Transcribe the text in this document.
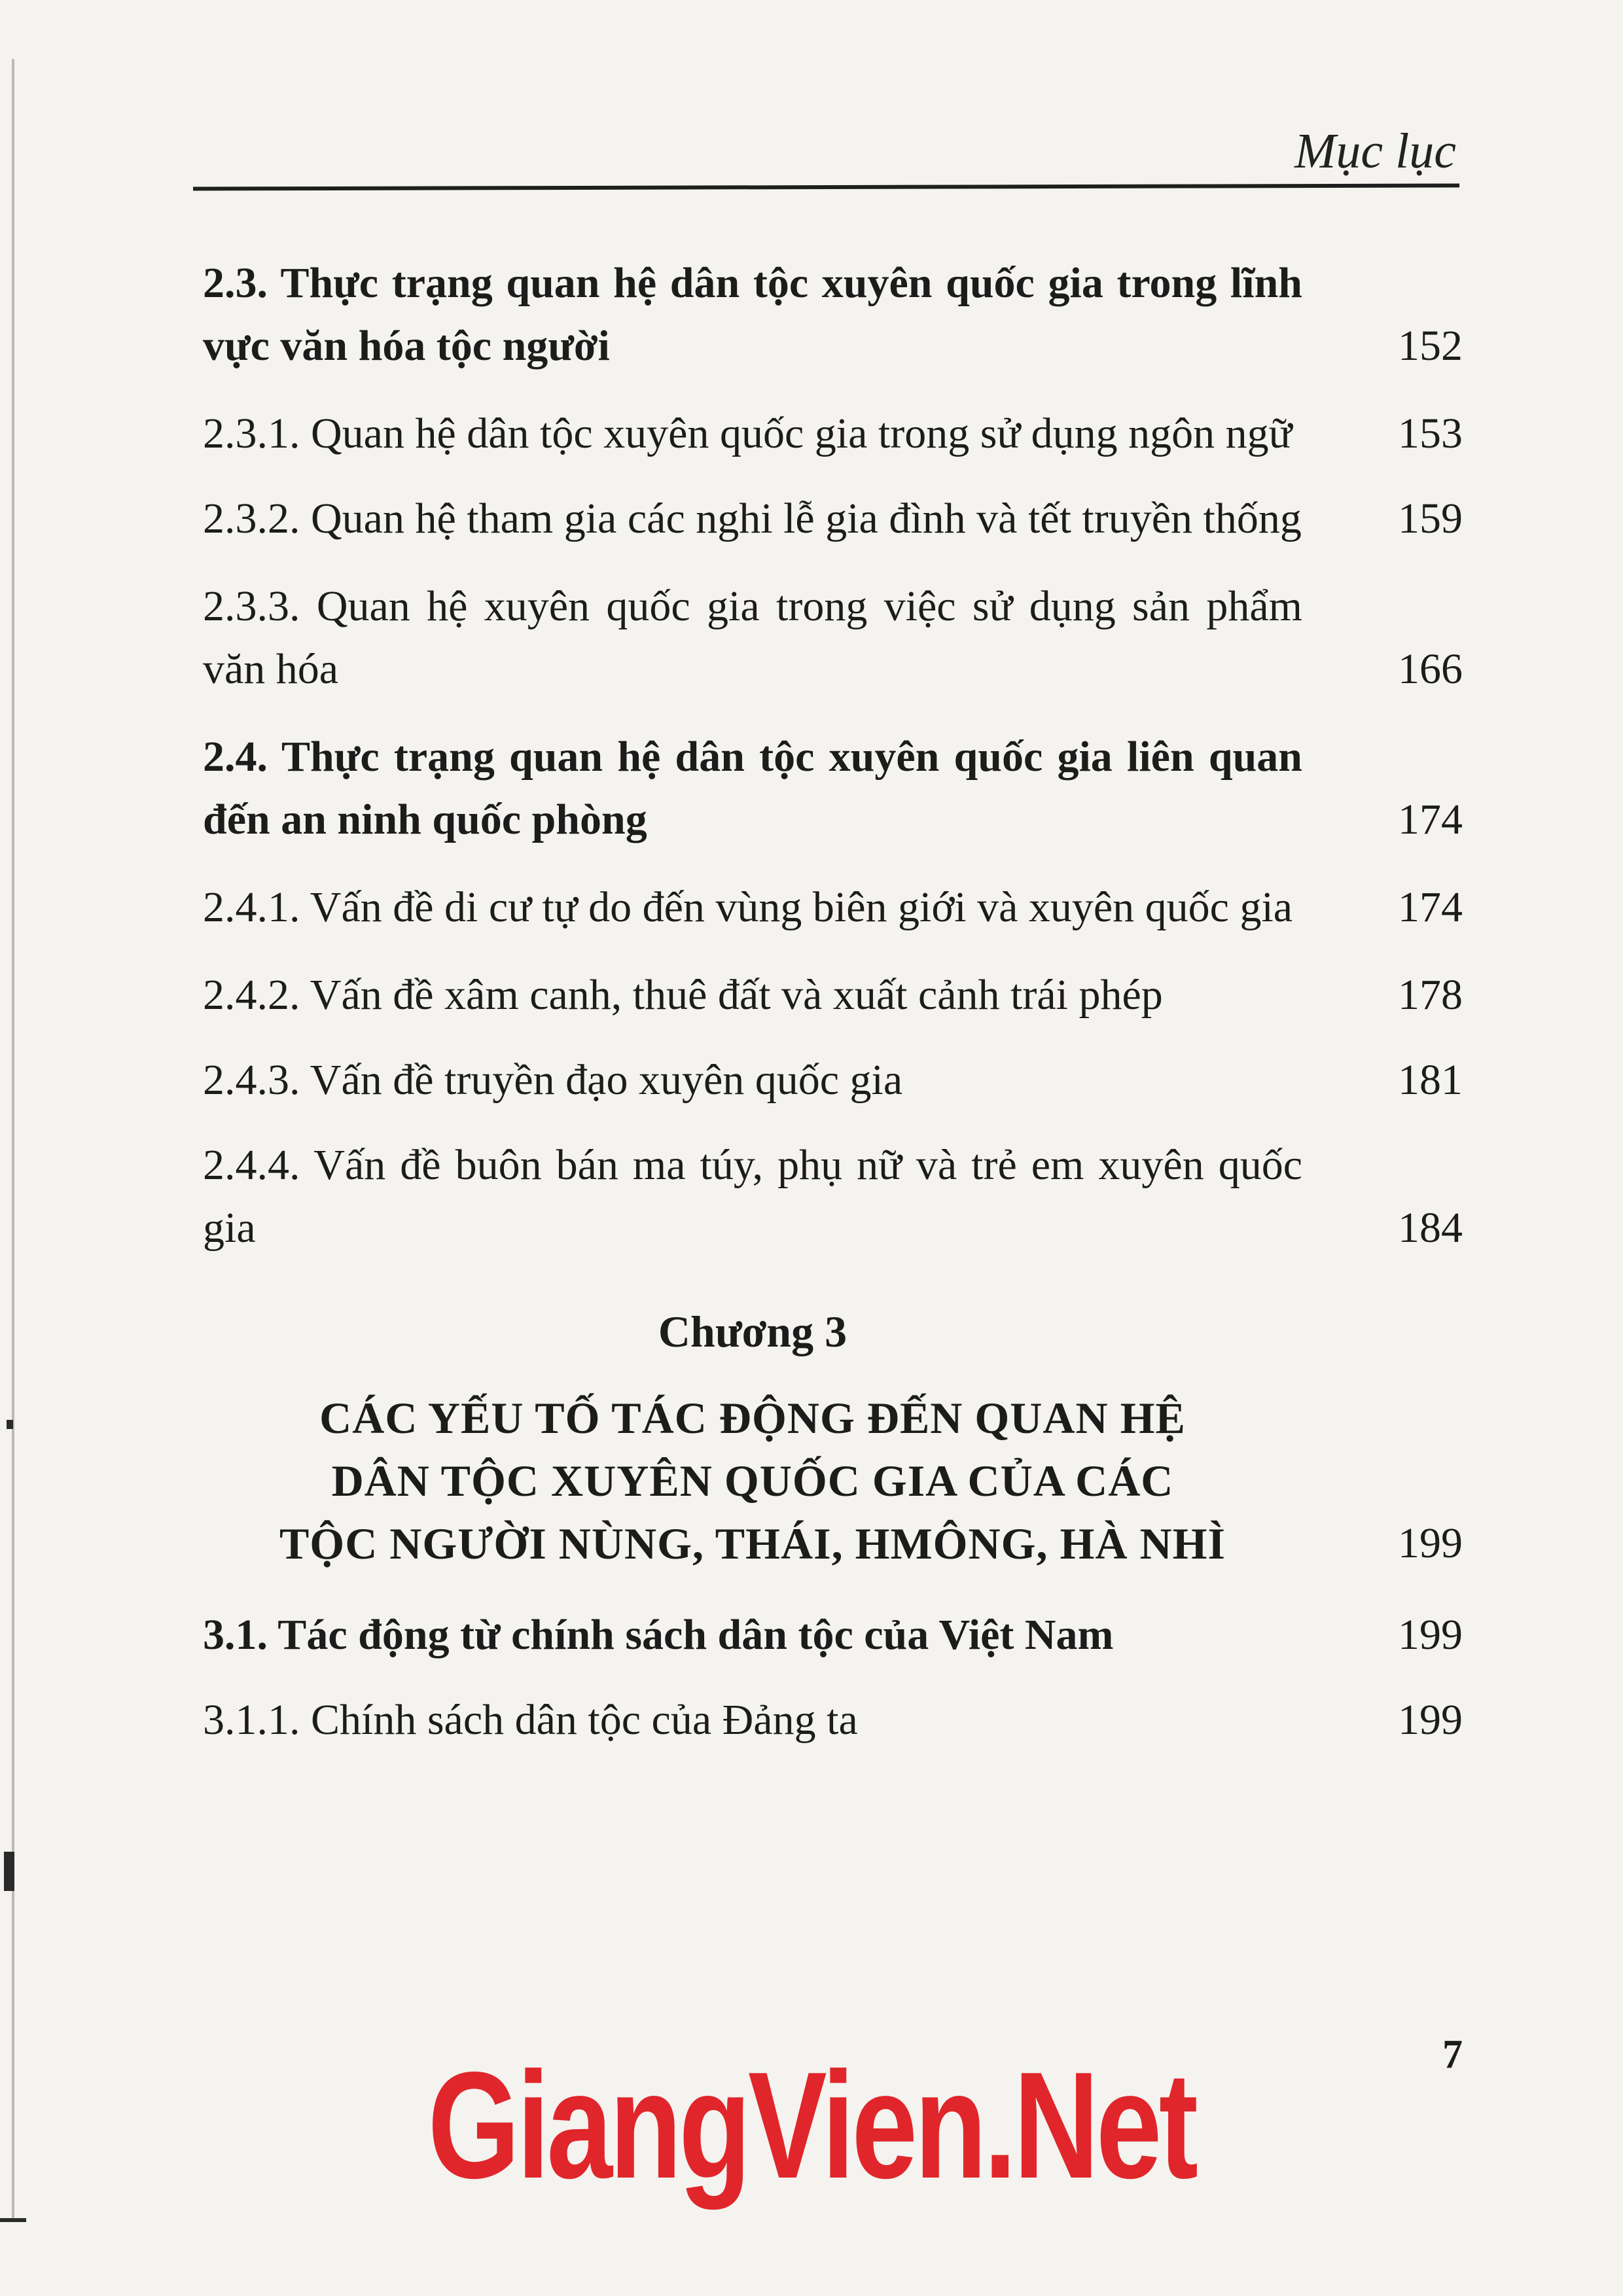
Mục lục
2.3. Thực trạng quan hệ dân tộc xuyên quốc gia trong lĩnh vực văn hóa tộc người	152
2.3.1. Quan hệ dân tộc xuyên quốc gia trong sử dụng ngôn ngữ	153
2.3.2. Quan hệ tham gia các nghi lễ gia đình và tết truyền thống	159
2.3.3. Quan hệ xuyên quốc gia trong việc sử dụng sản phẩm văn hóa	166
2.4. Thực trạng quan hệ dân tộc xuyên quốc gia liên quan đến an ninh quốc phòng	174
2.4.1. Vấn đề di cư tự do đến vùng biên giới và xuyên quốc gia	174
2.4.2. Vấn đề xâm canh, thuê đất và xuất cảnh trái phép	178
2.4.3. Vấn đề truyền đạo xuyên quốc gia	181
2.4.4. Vấn đề buôn bán ma túy, phụ nữ và trẻ em xuyên quốc gia	184
Chương 3
CÁC YẾU TỐ TÁC ĐỘNG ĐẾN QUAN HỆ
DÂN TỘC XUYÊN QUỐC GIA CỦA CÁC
TỘC NGƯỜI NÙNG, THÁI, HMÔNG, HÀ NHÌ	199
3.1. Tác động từ chính sách dân tộc của Việt Nam	199
3.1.1. Chính sách dân tộc của Đảng ta	199
7
GiangVien.Net
